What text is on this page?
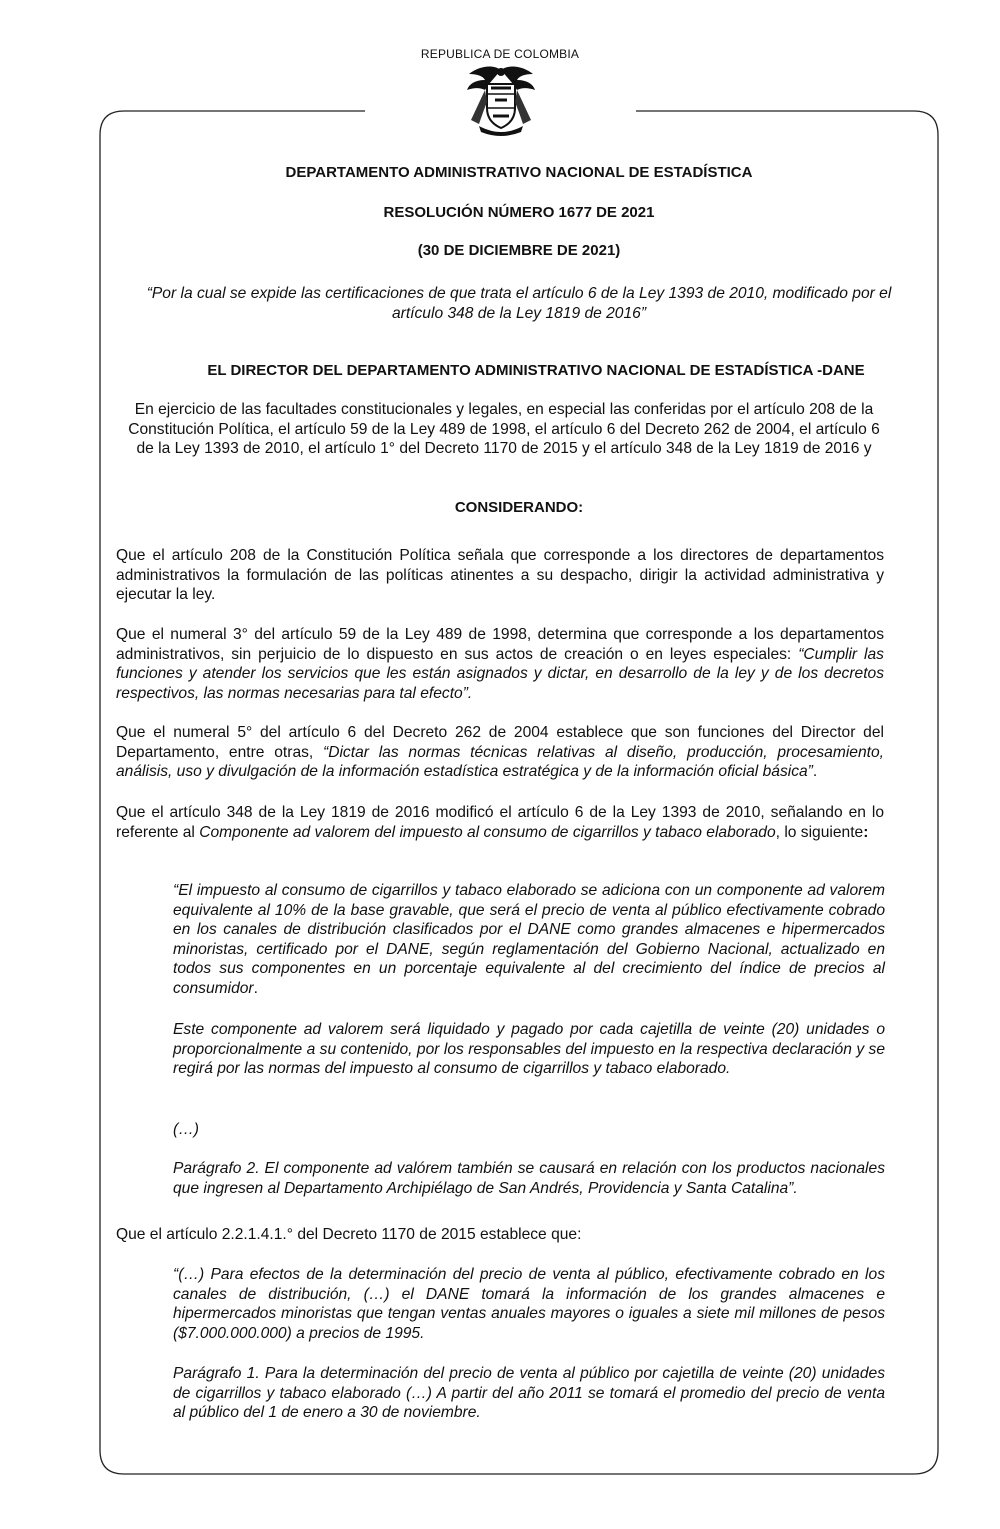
REPUBLICA DE COLOMBIA
DEPARTAMENTO ADMINISTRATIVO NACIONAL DE ESTADÍSTICA
RESOLUCIÓN NÚMERO 1677 DE 2021
(30 DE DICIEMBRE DE 2021)
“Por la cual se expide las certificaciones de que trata el artículo 6 de la Ley 1393 de 2010, modificado por el artículo 348 de la Ley 1819 de 2016”
EL DIRECTOR DEL DEPARTAMENTO ADMINISTRATIVO NACIONAL DE ESTADÍSTICA -DANE
En ejercicio de las facultades constitucionales y legales, en especial las conferidas por el artículo 208 de la Constitución Política, el artículo 59 de la Ley 489 de 1998, el artículo 6 del Decreto 262 de 2004, el artículo 6 de la Ley 1393 de 2010, el artículo 1° del Decreto 1170 de 2015 y el artículo 348 de la Ley 1819 de 2016 y
CONSIDERANDO:

Que el artículo 208 de la Constitución Política señala que corresponde a los directores de departamentos administrativos la formulación de las políticas atinentes a su despacho, dirigir la actividad administrativa y ejecutar la ley.

Que el numeral 3° del artículo 59 de la Ley 489 de 1998, determina que corresponde a los departamentos administrativos, sin perjuicio de lo dispuesto en sus actos de creación o en leyes especiales: “Cumplir las funciones y atender los servicios que les están asignados y dictar, en desarrollo de la ley y de los decretos respectivos, las normas necesarias para tal efecto”.

Que el numeral 5° del artículo 6 del Decreto 262 de 2004 establece que son funciones del Director del Departamento, entre otras, “Dictar las normas técnicas relativas al diseño, producción, procesamiento, análisis, uso y divulgación de la información estadística estratégica y de la información oficial básica”.

Que el artículo 348 de la Ley 1819 de 2016 modificó el artículo 6 de la Ley 1393 de 2010, señalando en lo referente al Componente ad valorem del impuesto al consumo de cigarrillos y tabaco elaborado, lo siguiente:

“El impuesto al consumo de cigarrillos y tabaco elaborado se adiciona con un componente ad valorem equivalente al 10% de la base gravable, que será el precio de venta al público efectivamente cobrado en los canales de distribución clasificados por el DANE como grandes almacenes e hipermercados minoristas, certificado por el DANE, según reglamentación del Gobierno Nacional, actualizado en todos sus componentes en un porcentaje equivalente al del crecimiento del índice de precios al consumidor.

Este componente ad valorem será liquidado y pagado por cada cajetilla de veinte (20) unidades o proporcionalmente a su contenido, por los responsables del impuesto en la respectiva declaración y se regirá por las normas del impuesto al consumo de cigarrillos y tabaco elaborado.

(…)

Parágrafo 2. El componente ad valórem también se causará en relación con los productos nacionales que ingresen al Departamento Archipiélago de San Andrés, Providencia y Santa Catalina”.

Que el artículo 2.2.1.4.1.° del Decreto 1170 de 2015 establece que:

“(…) Para efectos de la determinación del precio de venta al público, efectivamente cobrado en los canales de distribución, (…) el DANE tomará la información de los grandes almacenes e hipermercados minoristas que tengan ventas anuales mayores o iguales a siete mil millones de pesos ($7.000.000.000) a precios de 1995.

Parágrafo 1. Para la determinación del precio de venta al público por cajetilla de veinte (20) unidades de cigarrillos y tabaco elaborado (…) A partir del año 2011 se tomará el promedio del precio de venta al público del 1 de enero a 30 de noviembre.
